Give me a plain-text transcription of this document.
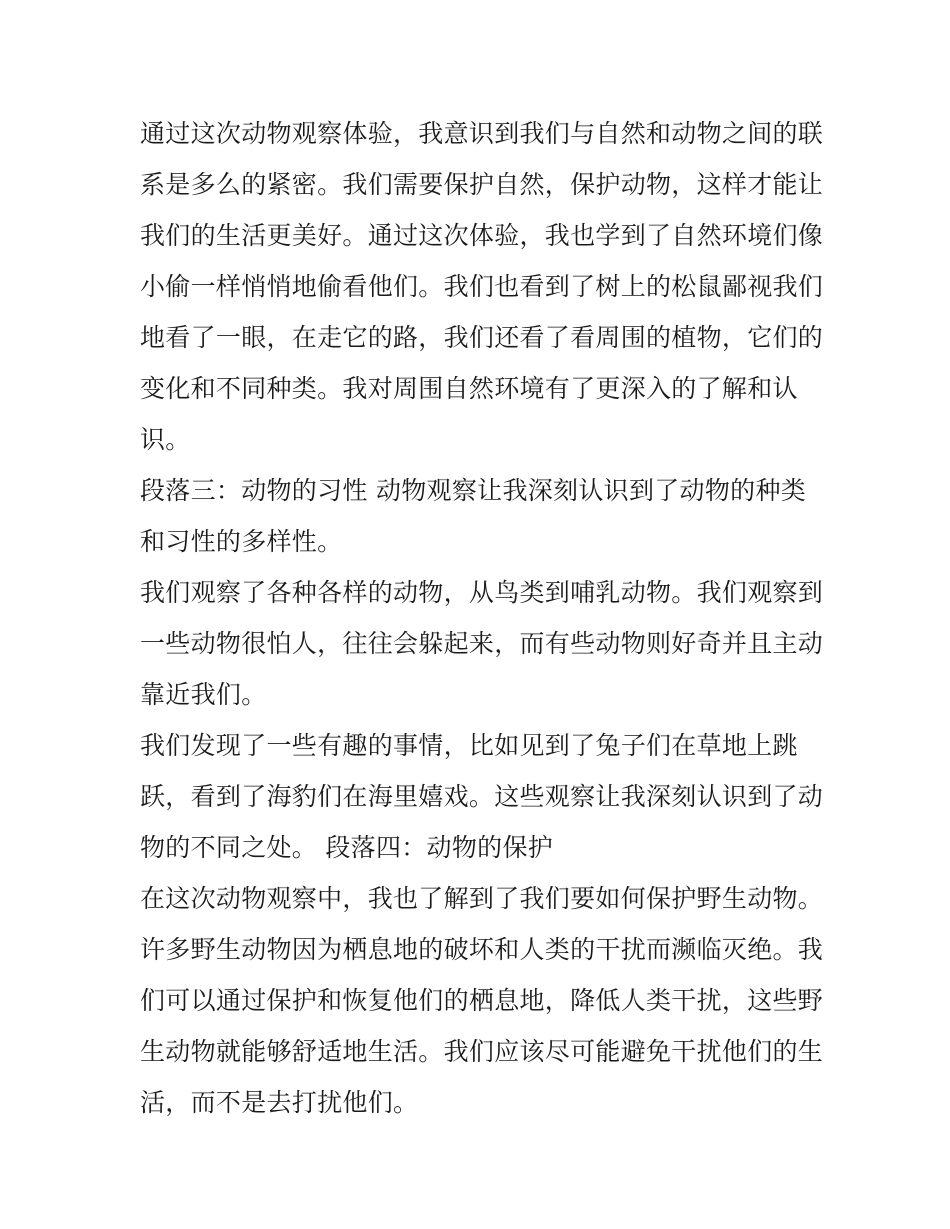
通过这次动物观察体验，我意识到我们与自然和动物之间的联
系是多么的紧密。我们需要保护自然，保护动物，这样才能让
我们的生活更美好。通过这次体验，我也学到了自然环境们像
小偷一样悄悄地偷看他们。我们也看到了树上的松鼠鄙视我们
地看了一眼，在走它的路，我们还看了看周围的植物，它们的
变化和不同种类。我对周围自然环境有了更深入的了解和认
识。
段落三：动物的习性 动物观察让我深刻认识到了动物的种类
和习性的多样性。
我们观察了各种各样的动物，从鸟类到哺乳动物。我们观察到
一些动物很怕人，往往会躲起来，而有些动物则好奇并且主动
靠近我们。
我们发现了一些有趣的事情，比如见到了兔子们在草地上跳
跃，看到了海豹们在海里嬉戏。这些观察让我深刻认识到了动
物的不同之处。 段落四：动物的保护
在这次动物观察中，我也了解到了我们要如何保护野生动物。
许多野生动物因为栖息地的破坏和人类的干扰而濒临灭绝。我
们可以通过保护和恢复他们的栖息地，降低人类干扰，这些野
生动物就能够舒适地生活。我们应该尽可能避免干扰他们的生
活，而不是去打扰他们。
